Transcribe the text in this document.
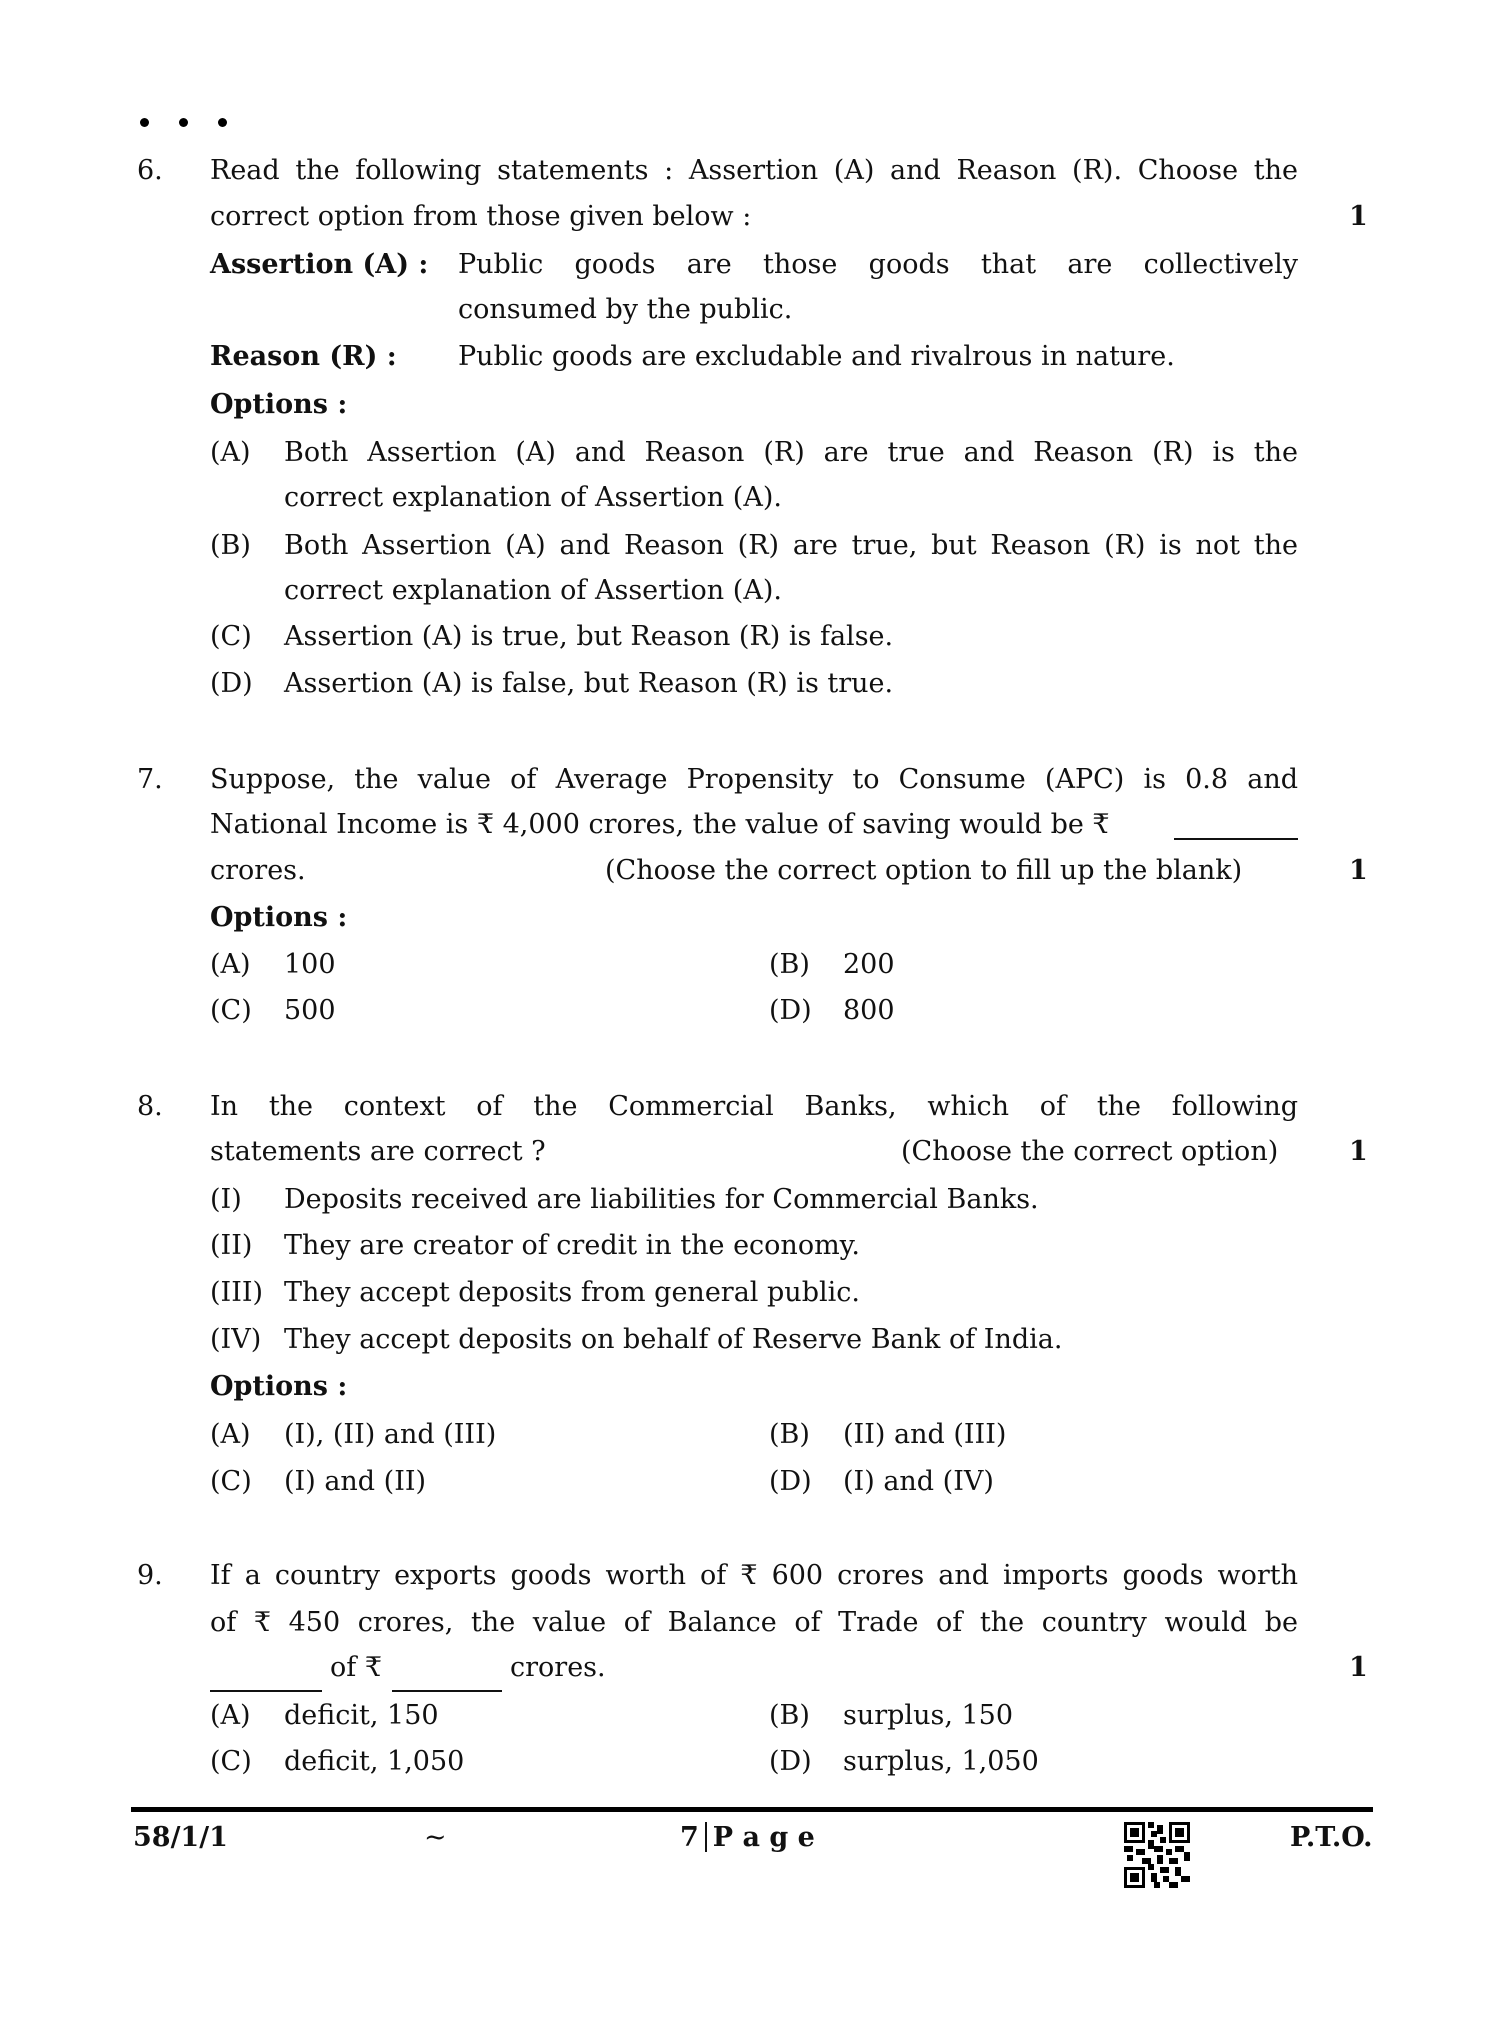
6. Read the following statements : Assertion (A) and Reason (R). Choose the
correct option from those given below :	1
Assertion (A) : Public goods are those goods that are collectively
consumed by the public.
Reason (R) : Public goods are excludable and rivalrous in nature.
Options :
(A) Both Assertion (A) and Reason (R) are true and Reason (R) is the
correct explanation of Assertion (A).
(B) Both Assertion (A) and Reason (R) are true, but Reason (R) is not the
correct explanation of Assertion (A).
(C) Assertion (A) is true, but Reason (R) is false.
(D) Assertion (A) is false, but Reason (R) is true.
7. Suppose, the value of Average Propensity to Consume (APC) is 0.8 and
National Income is ₹ 4,000 crores, the value of saving would be ₹
crores.	(Choose the correct option to fill up the blank)	1
Options :
(A) 100	(B) 200
(C) 500	(D) 800
8. In the context of the Commercial Banks, which of the following
statements are correct ?	(Choose the correct option)	1
(I) Deposits received are liabilities for Commercial Banks.
(II) They are creator of credit in the economy.
(III) They accept deposits from general public.
(IV) They accept deposits on behalf of Reserve Bank of India.
Options :
(A) (I), (II) and (III)	(B) (II) and (III)
(C) (I) and (II)	(D) (I) and (IV)
9. If a country exports goods worth of ₹ 600 crores and imports goods worth
of ₹ 450 crores, the value of Balance of Trade of the country would be
of ₹	crores.	1
(A) deficit, 150	(B) surplus, 150
(C) deficit, 1,050	(D) surplus, 1,050
58/1/1	~	7 P a g e	P.T.O.
